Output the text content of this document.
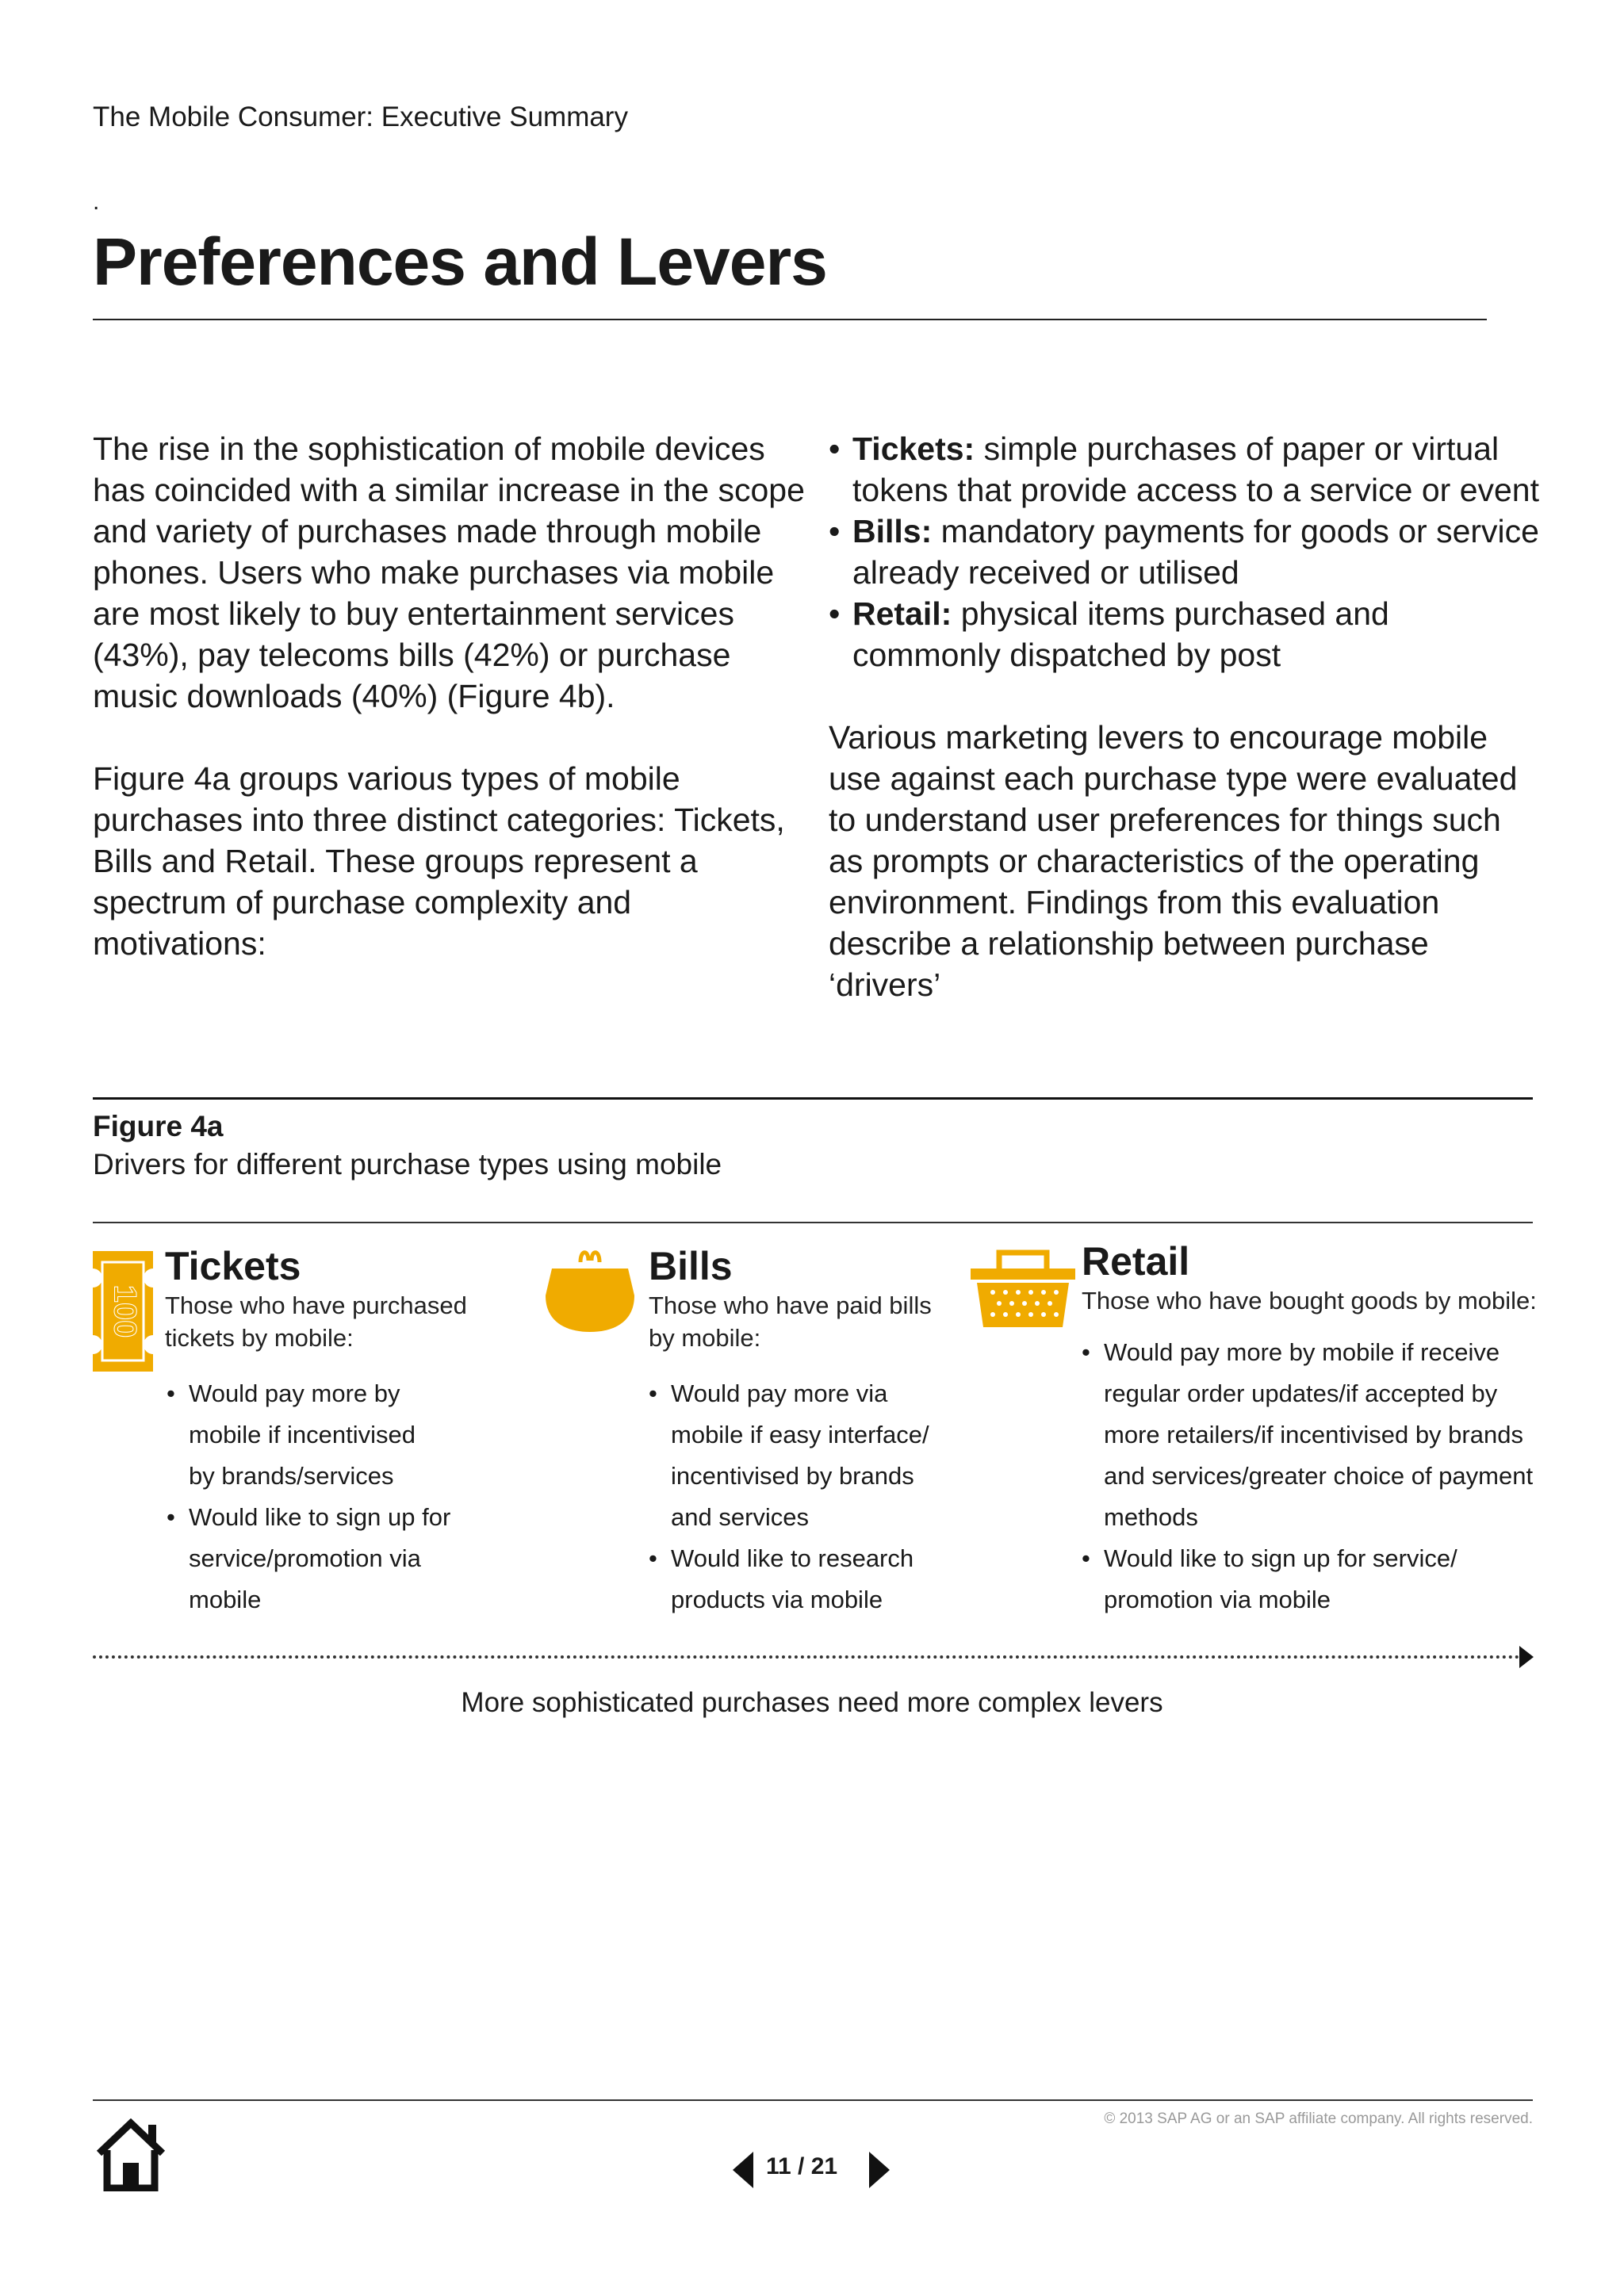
The Mobile Consumer: Executive Summary
.
Preferences and Levers

The rise in the sophistication of mobile devices has coincided with a similar increase in the scope and variety of purchases made through mobile phones. Users who make purchases via mobile are most likely to buy entertainment services (43%), pay telecoms bills (42%) or purchase music downloads (40%) (Figure 4b).

Figure 4a groups various types of mobile purchases into three distinct categories: Tickets, Bills and Retail. These groups represent a spectrum of purchase complexity and motivations:

• Tickets: simple purchases of paper or virtual tokens that provide access to a service or event
• Bills: mandatory payments for goods or service already received or utilised
• Retail: physical items purchased and commonly dispatched by post

Various marketing levers to encourage mobile use against each purchase type were evaluated to understand user preferences for things such as prompts or characteristics of the operating environment. Findings from this evaluation describe a relationship between purchase ‘drivers’

Figure 4a
Drivers for different purchase types using mobile
100
Tickets
Those who have purchased
tickets by mobile:
• Would pay more by
mobile if incentivised
by brands/services
• Would like to sign up for
service/promotion via
mobile
Bills
Those who have paid bills
by mobile:
• Would pay more via
mobile if easy interface/
incentivised by brands
and services
• Would like to research
products via mobile
Retail
Those who have bought goods by mobile:
• Would pay more by mobile if receive
regular order updates/if accepted by
more retailers/if incentivised by brands
and services/greater choice of payment
methods
• Would like to sign up for service/
promotion via mobile
More sophisticated purchases need more complex levers
© 2013 SAP AG or an SAP affiliate company. All rights reserved.
11 / 21
